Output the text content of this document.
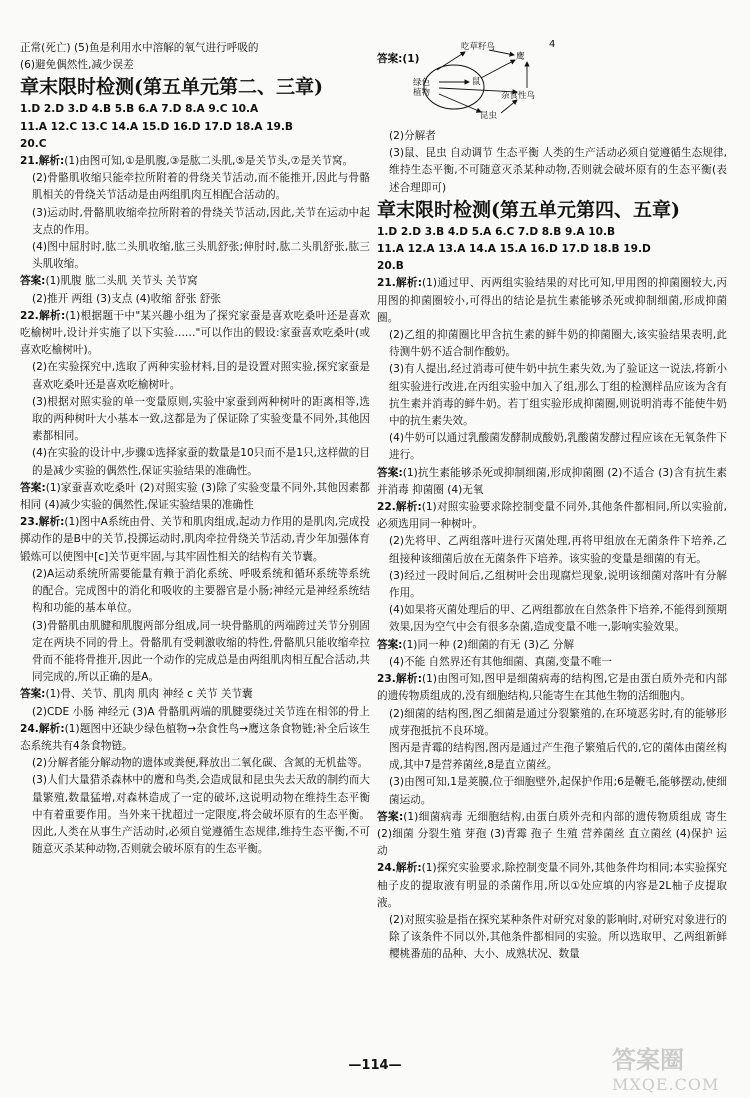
正常(死亡) (5)鱼是利用水中溶解的氧气进行呼吸的
(6)避免偶然性,减少误差
章末限时检测(第五单元第二、三章)
1.D 2.D 3.D 4.B 5.B 6.A 7.D 8.A 9.C 10.A
11.A 12.C 13.C 14.A 15.D 16.D 17.D 18.A 19.B
20.C
21.解析:(1)由图可知,①是肌腹,③是肱二头肌,⑤是关节头,⑦是关节窝。
(2)骨骼肌收缩只能牵拉所附着的骨绕关节活动,而不能推开,因此与骨骼肌相关的骨绕关节活动是由两组肌肉互相配合活动的。
(3)运动时,骨骼肌收缩牵拉所附着的骨绕关节活动,因此,关节在运动中起支点的作用。
(4)图中屈肘时,肱二头肌收缩,肱三头肌舒张;伸肘时,肱二头肌舒张,肱三头肌收缩。
答案:(1)肌腹 肱二头肌 关节头 关节窝
(2)推开 两组 (3)支点 (4)收缩 舒张 舒张
22.解析:(1)根据题干中"某兴趣小组为了探究家蚕是喜欢吃桑叶还是喜欢吃榆树叶,设计并实施了以下实验……"可以作出的假设:家蚕喜欢吃桑叶(或喜欢吃榆树叶)。
(2)在实验探究中,选取了两种实验材料,目的是设置对照实验,探究家蚕是喜欢吃桑叶还是喜欢吃榆树叶。
(3)根据对照实验的单一变量原则,实验中家蚕到两种树叶的距离相等,选取的两种树叶大小基本一致,这都是为了保证除了实验变量不同外,其他因素都相同。
(4)在实验的设计中,步骤①选择家蚕的数量是10只而不是1只,这样做的目的是减少实验的偶然性,保证实验结果的准确性。
答案:(1)家蚕喜欢吃桑叶 (2)对照实验 (3)除了实验变量不同外,其他因素都相同 (4)减少实验的偶然性,保证实验结果的准确性
23.解析:(1)图中A系统由骨、关节和肌肉组成,起动力作用的是肌肉,完成投掷动作的是B中的关节,投掷运动时,肌肉牵拉骨绕关节活动,青少年加强体育锻炼可以使图中[c]关节更牢固,与其牢固性相关的结构有关节囊。
(2)A运动系统所需要能量有赖于消化系统、呼吸系统和循环系统等系统的配合。完成图中的消化和吸收的主要器官是小肠;神经元是神经系统结构和功能的基本单位。
(3)骨骼肌由肌腱和肌腹两部分组成,同一块骨骼肌的两端跨过关节分别固定在两块不同的骨上。骨骼肌有受刺激收缩的特性,骨骼肌只能收缩牵拉骨而不能将骨推开,因此一个动作的完成总是由两组肌肉相互配合活动,共同完成的,所以正确的是A。
答案:(1)骨、关节、肌肉 肌肉 神经 c 关节 关节囊
(2)CDE 小肠 神经元 (3)A 骨骼肌两端的肌腱要绕过关节连在相邻的骨上
24.解析:(1)题图中还缺少绿色植物→杂食性鸟→鹰这条食物链;补全后该生态系统共有4条食物链。
(2)分解者能分解动物的遗体或粪便,释放出二氧化碳、含氮的无机盐等。
(3)人们大量猎杀森林中的鹰和鸟类,会造成鼠和昆虫失去天敌的制约而大量繁殖,数量猛增,对森林造成了一定的破坏,这说明动物在维持生态平衡中有着重要作用。当外来干扰超过一定限度,将会破坏原有的生态平衡。因此,人类在从事生产活动时,必须自觉遵循生态规律,维持生态平衡,不可随意灭杀某种动物,否则就会破坏原有的生态平衡。
答案:(1)
吃草籽鸟
鹰
绿色植物
鼠
杂食性鸟
昆虫
4
(2)分解者
(3)鼠、昆虫 自动调节 生态平衡 人类的生产活动必须自觉遵循生态规律,维持生态平衡,不可随意灭杀某种动物,否则就会破坏原有的生态平衡(表述合理即可)
章末限时检测(第五单元第四、五章)
1.D 2.D 3.B 4.D 5.A 6.C 7.D 8.B 9.A 10.B
11.A 12.A 13.A 14.A 15.A 16.D 17.D 18.B 19.D
20.B
21.解析:(1)通过甲、丙两组实验结果的对比可知,甲用图的抑菌圈较大,丙用图的抑菌圈较小,可得出的结论是抗生素能够杀死或抑制细菌,形成抑菌圈。
(2)乙组的抑菌圈比甲含抗生素的鲜牛奶的抑菌圈大,该实验结果表明,此待测牛奶不适合制作酸奶。
(3)有人提出,经过消毒可使牛奶中抗生素失效,为了验证这一说法,将新小组实验进行改进,在丙组实验中加入了组,那么丁组的检测样品应该为含有抗生素并消毒的鲜牛奶。若丁组实验形成抑菌圈,则说明消毒不能使牛奶中的抗生素失效。
(4)牛奶可以通过乳酸菌发酵制成酸奶,乳酸菌发酵过程应该在无氧条件下进行。
答案:(1)抗生素能够杀死或抑制细菌,形成抑菌圈 (2)不适合 (3)含有抗生素并消毒 抑菌圈 (4)无氧
22.解析:(1)对照实验要求除控制变量不同外,其他条件都相同,所以实验前,必须选用同一种树叶。
(2)先将甲、乙两组落叶进行灭菌处理,再将甲组放在无菌条件下培养,乙组接种该细菌后放在无菌条件下培养。该实验的变量是细菌的有无。
(3)经过一段时间后,乙组树叶会出现腐烂现象,说明该细菌对落叶有分解作用。
(4)如果将灭菌处理后的甲、乙两组都放在自然条件下培养,不能得到预期效果,因为空气中会有很多杂菌,造成变量不唯一,影响实验效果。
答案:(1)同一种 (2)细菌的有无 (3)乙 分解
(4)不能 自然界还有其他细菌、真菌,变量不唯一
23.解析:(1)由图可知,图甲是细菌病毒的结构图,它是由蛋白质外壳和内部的遗传物质组成的,没有细胞结构,只能寄生在其他生物的活细胞内。
(2)细菌的结构图,图乙细菌是通过分裂繁殖的,在环境恶劣时,有的能够形成芽孢抵抗不良环境。
图丙是青霉的结构图,图丙是通过产生孢子繁殖后代的,它的菌体由菌丝构成,其中7是营养菌丝,8是直立菌丝。
(3)由图可知,1是荚膜,位于细胞壁外,起保护作用;6是鞭毛,能够摆动,使细菌运动。
答案:(1)细菌病毒 无细胞结构,由蛋白质外壳和内部的遗传物质组成 寄生 (2)细菌 分裂生殖 芽孢 (3)青霉 孢子 生殖 营养菌丝 直立菌丝 (4)保护 运动
24.解析:(1)探究实验要求,除控制变量不同外,其他条件均相同;本实验探究柚子皮的提取液有明显的杀菌作用,所以①处应填的内容是2L柚子皮提取液。
(2)对照实验是指在探究某种条件对研究对象的影响时,对研究对象进行的除了该条件不同以外,其他条件都相同的实验。所以选取甲、乙两组新鲜樱桃番茄的品种、大小、成熟状况、数量
—114—	答案圈
MXQE.COM
